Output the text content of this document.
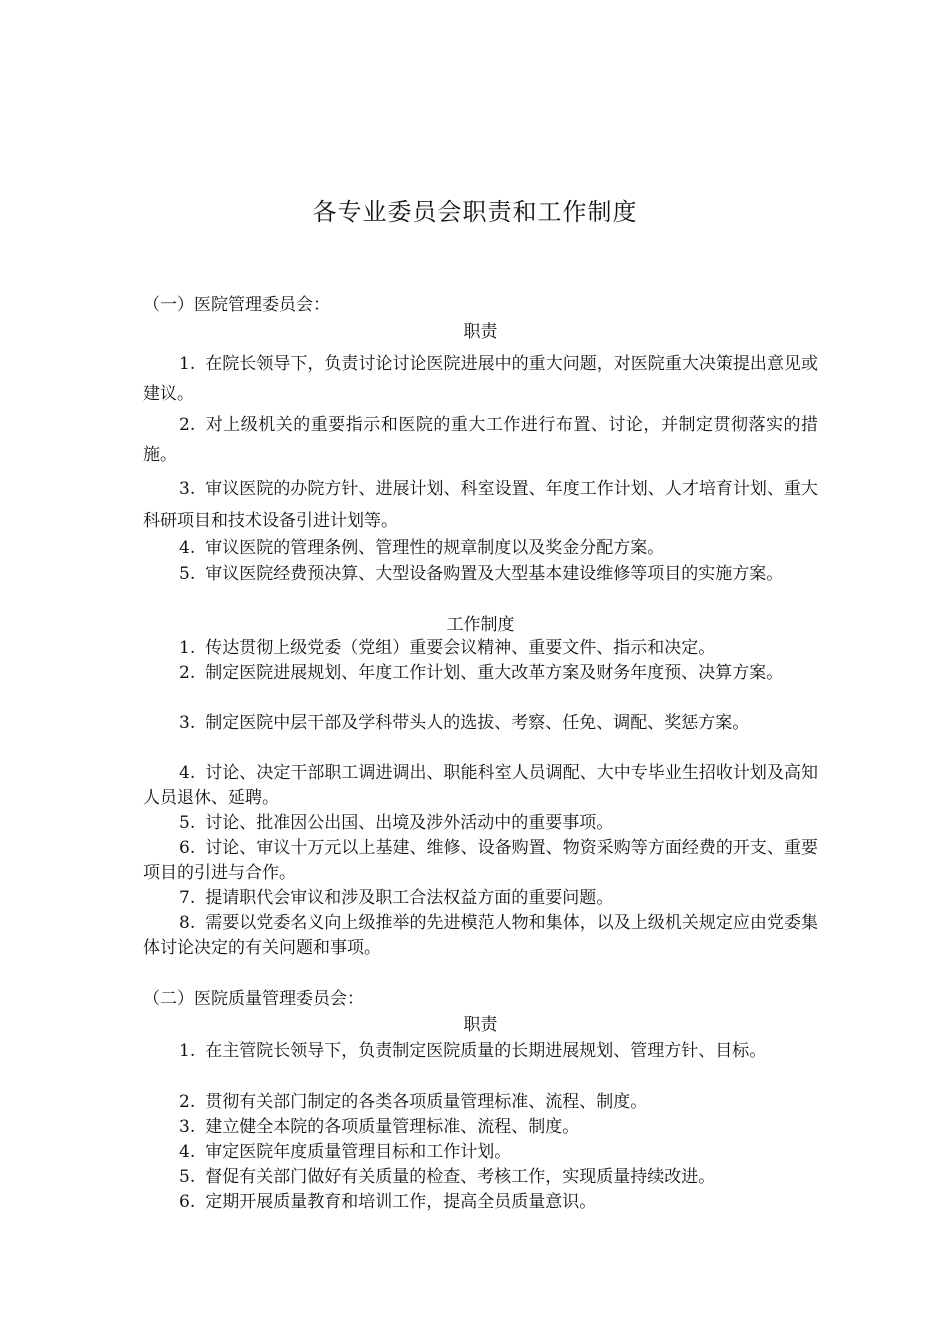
各专业委员会职责和工作制度
（一）医院管理委员会：
职责
1. 在院长领导下，负责讨论讨论医院进展中的重大问题，对医院重大决策提出意见或建议。
2. 对上级机关的重要指示和医院的重大工作进行布置、讨论，并制定贯彻落实的措施。
3. 审议医院的办院方针、进展计划、科室设置、年度工作计划、人才培育计划、重大科研项目和技术设备引进计划等。
4. 审议医院的管理条例、管理性的规章制度以及奖金分配方案。
5. 审议医院经费预决算、大型设备购置及大型基本建设维修等项目的实施方案。
工作制度
1. 传达贯彻上级党委（党组）重要会议精神、重要文件、指示和决定。
2. 制定医院进展规划、年度工作计划、重大改革方案及财务年度预、决算方案。
3. 制定医院中层干部及学科带头人的选拔、考察、任免、调配、奖惩方案。
4. 讨论、决定干部职工调进调出、职能科室人员调配、大中专毕业生招收计划及高知人员退休、延聘。
5. 讨论、批准因公出国、出境及涉外活动中的重要事项。
6. 讨论、审议十万元以上基建、维修、设备购置、物资采购等方面经费的开支、重要项目的引进与合作。
7. 提请职代会审议和涉及职工合法权益方面的重要问题。
8. 需要以党委名义向上级推举的先进模范人物和集体，以及上级机关规定应由党委集体讨论决定的有关问题和事项。
（二）医院质量管理委员会：
职责
1. 在主管院长领导下，负责制定医院质量的长期进展规划、管理方针、目标。
2. 贯彻有关部门制定的各类各项质量管理标准、流程、制度。
3. 建立健全本院的各项质量管理标准、流程、制度。
4. 审定医院年度质量管理目标和工作计划。
5. 督促有关部门做好有关质量的检查、考核工作，实现质量持续改进。
6. 定期开展质量教育和培训工作，提高全员质量意识。
